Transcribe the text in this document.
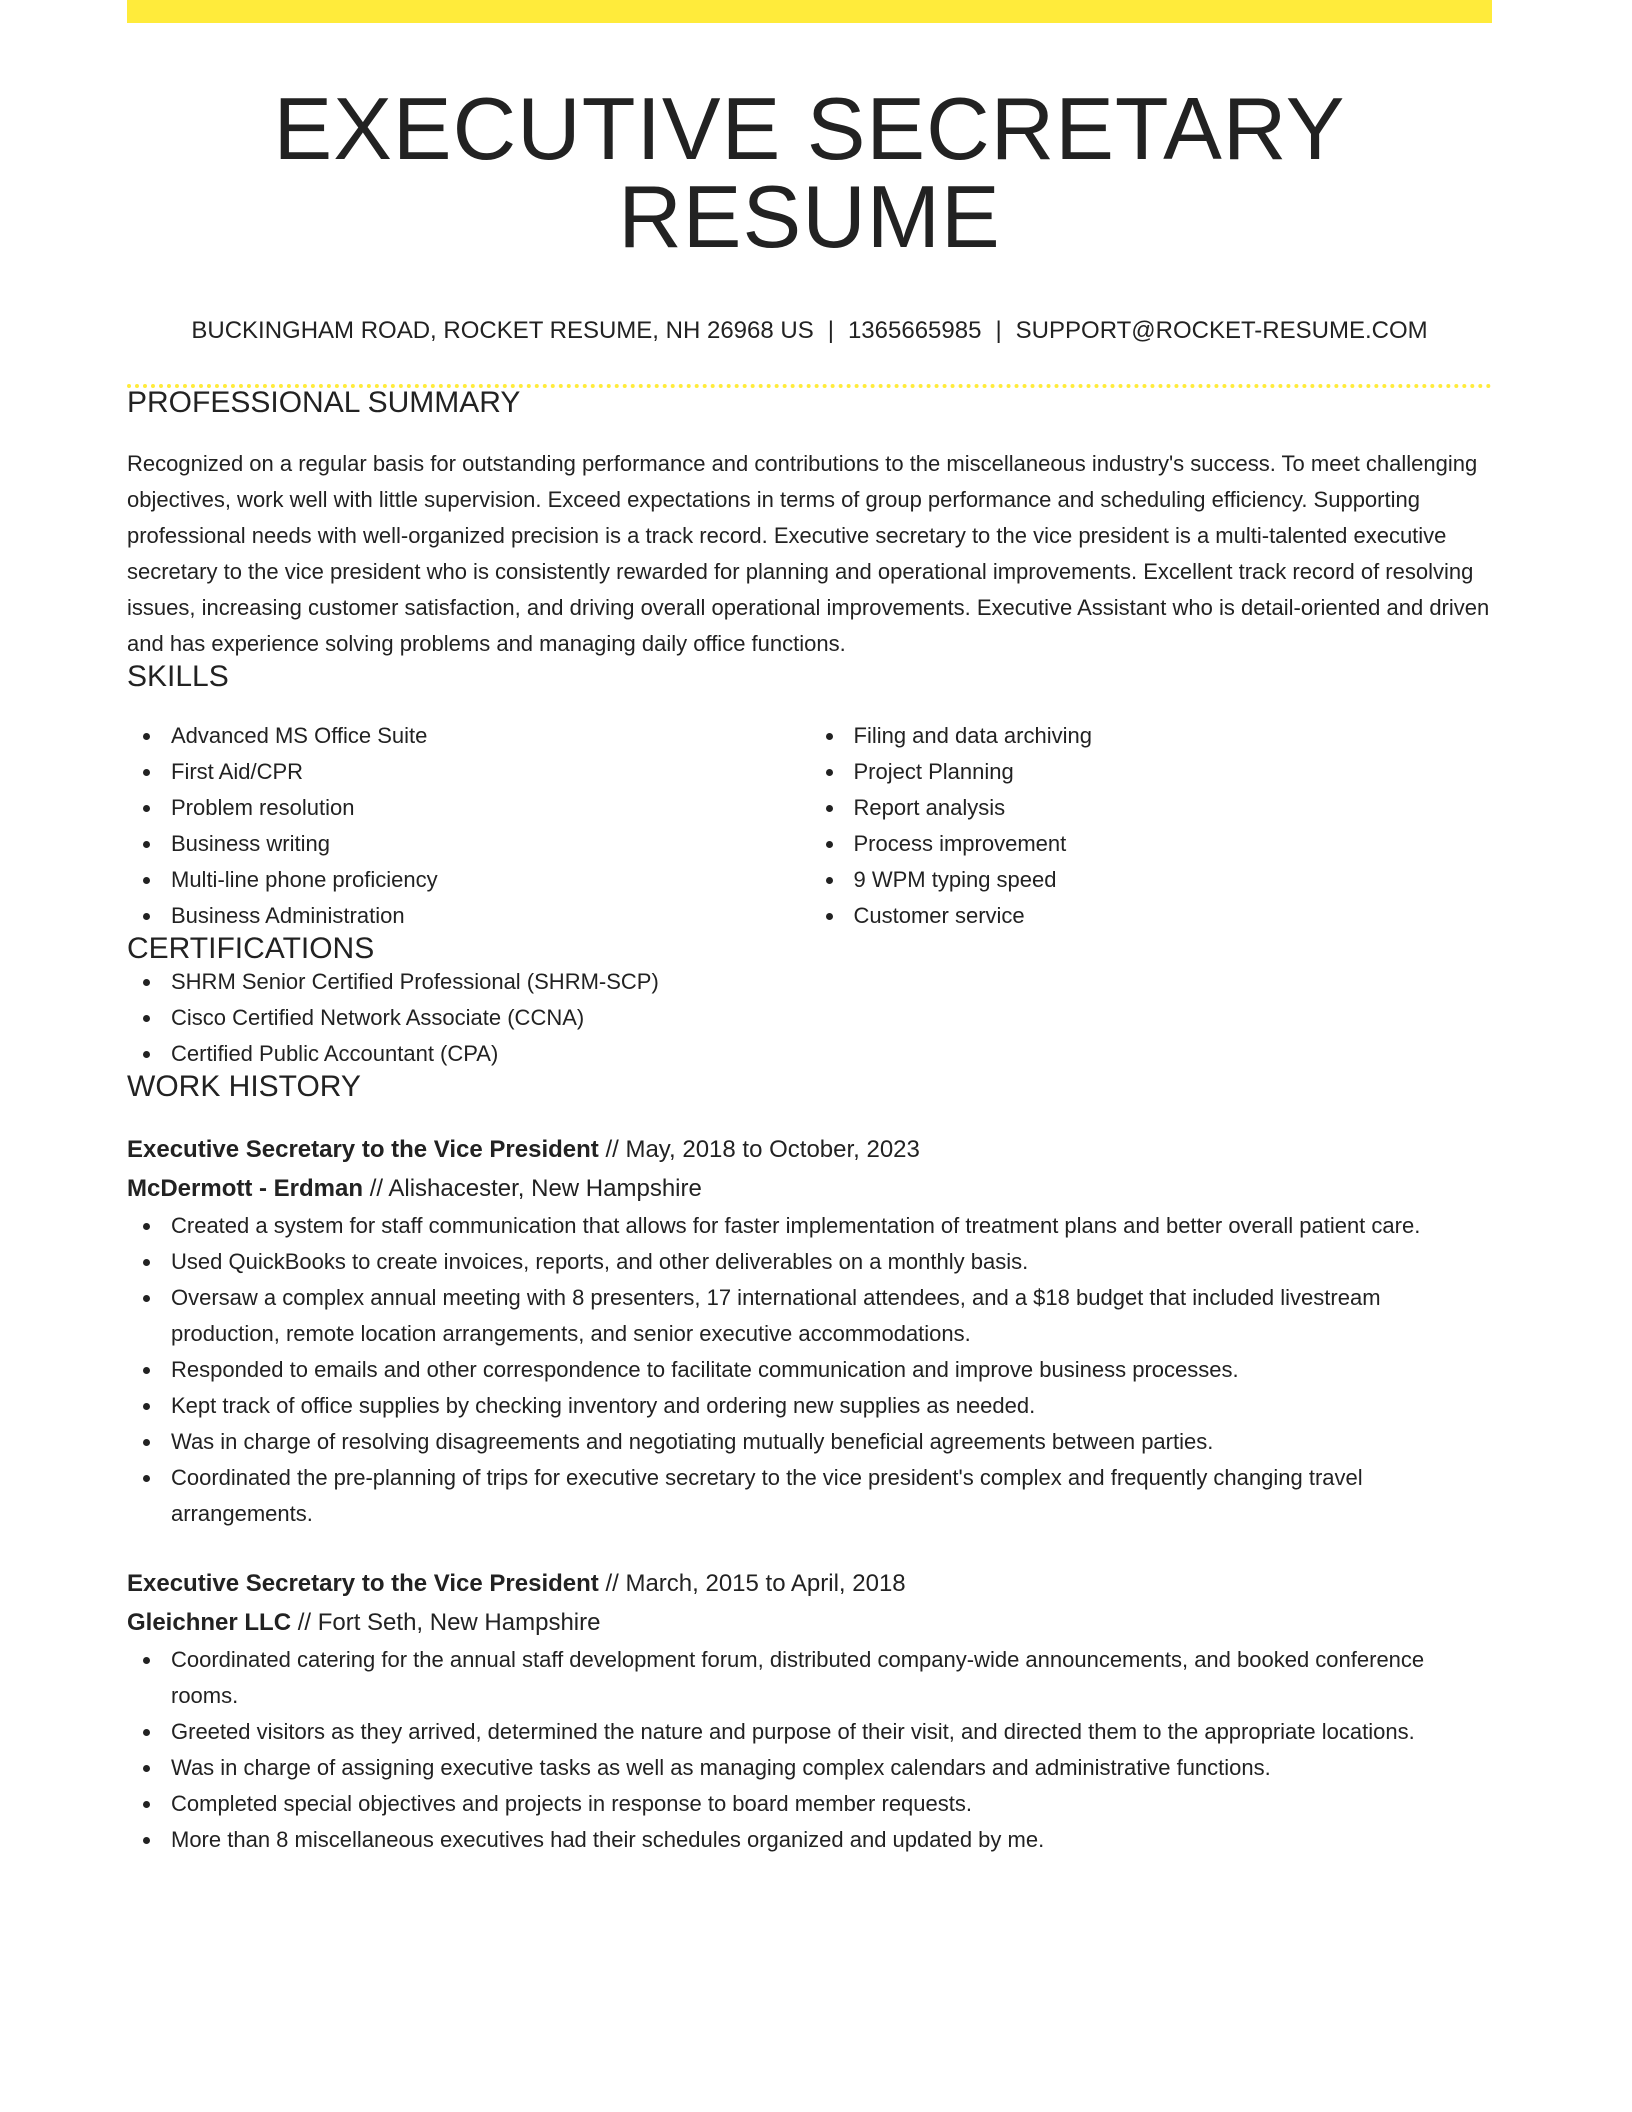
EXECUTIVE SECRETARY RESUME
BUCKINGHAM ROAD, ROCKET RESUME, NH 26968 US | 1365665985 | SUPPORT@ROCKET-RESUME.COM
PROFESSIONAL SUMMARY

Recognized on a regular basis for outstanding performance and contributions to the miscellaneous industry's success. To meet challenging objectives, work well with little supervision. Exceed expectations in terms of group performance and scheduling efficiency. Supporting professional needs with well-organized precision is a track record. Executive secretary to the vice president is a multi-talented executive secretary to the vice president who is consistently rewarded for planning and operational improvements. Excellent track record of resolving issues, increasing customer satisfaction, and driving overall operational improvements. Executive Assistant who is detail-oriented and driven and has experience solving problems and managing daily office functions.

SKILLS
Advanced MS Office Suite
First Aid/CPR
Problem resolution
Business writing
Multi-line phone proficiency
Business Administration
Filing and data archiving
Project Planning
Report analysis
Process improvement
9 WPM typing speed
Customer service
CERTIFICATIONS
SHRM Senior Certified Professional (SHRM-SCP)
Cisco Certified Network Associate (CCNA)
Certified Public Accountant (CPA)
WORK HISTORY
Executive Secretary to the Vice President // May, 2018 to October, 2023
McDermott - Erdman // Alishacester, New Hampshire
Created a system for staff communication that allows for faster implementation of treatment plans and better overall patient care.
Used QuickBooks to create invoices, reports, and other deliverables on a monthly basis.
Oversaw a complex annual meeting with 8 presenters, 17 international attendees, and a $18 budget that included livestream production, remote location arrangements, and senior executive accommodations.
Responded to emails and other correspondence to facilitate communication and improve business processes.
Kept track of office supplies by checking inventory and ordering new supplies as needed.
Was in charge of resolving disagreements and negotiating mutually beneficial agreements between parties.
Coordinated the pre-planning of trips for executive secretary to the vice president's complex and frequently changing travel arrangements.
Executive Secretary to the Vice President // March, 2015 to April, 2018
Gleichner LLC // Fort Seth, New Hampshire
Coordinated catering for the annual staff development forum, distributed company-wide announcements, and booked conference rooms.
Greeted visitors as they arrived, determined the nature and purpose of their visit, and directed them to the appropriate locations.
Was in charge of assigning executive tasks as well as managing complex calendars and administrative functions.
Completed special objectives and projects in response to board member requests.
More than 8 miscellaneous executives had their schedules organized and updated by me.
